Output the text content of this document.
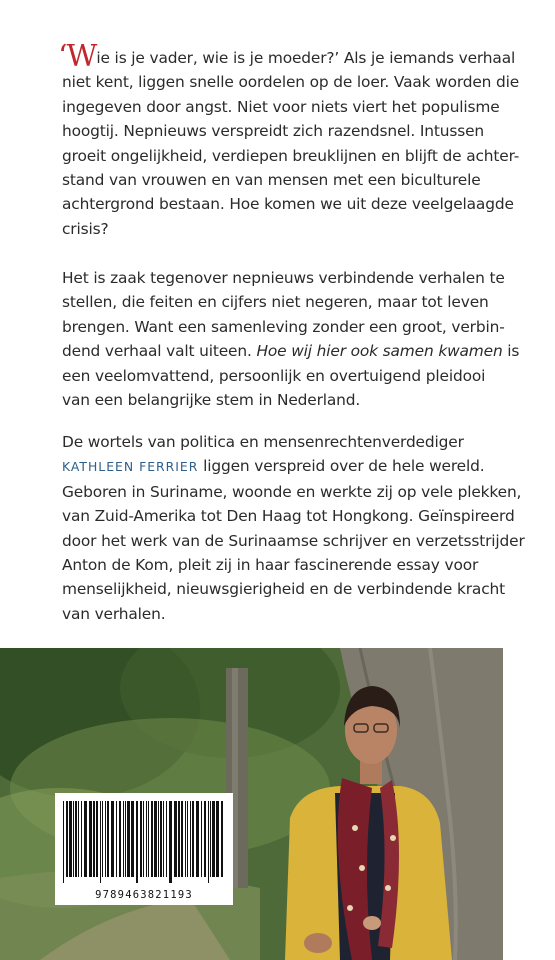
‘Wie is je vader, wie is je moeder?’ Als je iemands verhaal
niet kent, liggen snelle oordelen op de loer. Vaak worden die
ingegeven door angst. Niet voor niets viert het populisme
hoogtij. Nepnieuws verspreidt zich razendsnel. Intussen
groeit ongelijkheid, verdiepen breuklijnen en blijft de achter-
stand van vrouwen en van mensen met een biculturele
achtergrond bestaan. Hoe komen we uit deze veelgelaagde
crisis?

Het is zaak tegenover nepnieuws verbindende verhalen te
stellen, die feiten en cijfers niet negeren, maar tot leven
brengen. Want een samenleving zonder een groot, verbin-
dend verhaal valt uiteen. Hoe wij hier ook samen kwamen is
een veelomvattend, persoonlijk en overtuigend pleidooi
van een belangrijke stem in Nederland.

De wortels van politica en mensenrechtenverdediger
KATHLEEN FERRIER liggen verspreid over de hele wereld.
Geboren in Suriname, woonde en werkte zij op vele plekken,
van Zuid-Amerika tot Den Haag tot Hongkong. Geïnspireerd
door het werk van de Surinaamse schrijver en verzetsstrijder
Anton de Kom, pleit zij in haar fascinerende essay voor
menselijkheid, nieuwsgierigheid en de verbindende kracht
van verhalen.

9789463821193
